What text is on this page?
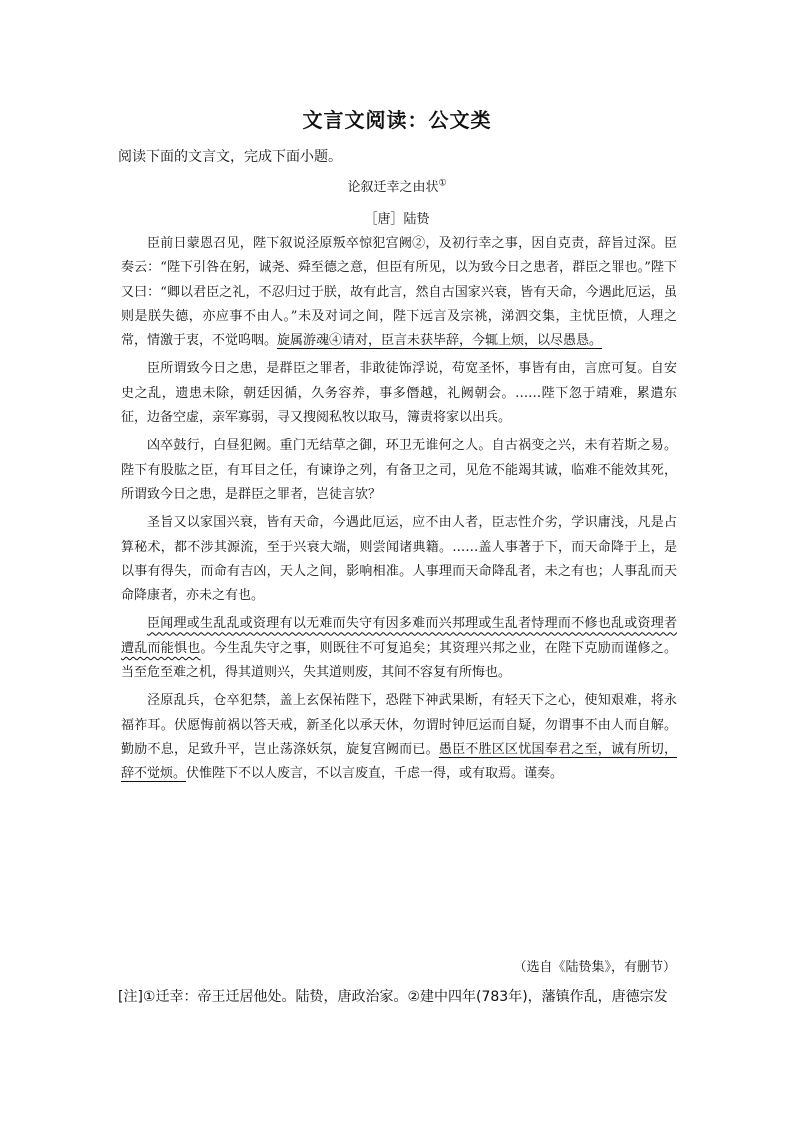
文言文阅读：公文类
阅读下面的文言文，完成下面小题。
论叙迁幸之由状①
［唐］陆贽

臣前日蒙恩召见，陛下叙说泾原叛卒惊犯宫阙②，及初行幸之事，因自克责，辞旨过深。臣奏云：“陛下引咎在躬，诚尧、舜至德之意，但臣有所见，以为致今日之患者，群臣之罪也。”陛下又曰：“卿以君臣之礼，不忍归过于朕，故有此言，然自古国家兴衰，皆有天命，今遇此厄运，虽则是朕失德，亦应事不由人。”未及对词之间，陛下远言及宗祧，涕泗交集，主忧臣愤，人理之常，情激于衷，不觉呜咽。旋属游魂④请对，臣言未获毕辞，今辄上烦，以尽愚恳。

臣所谓致今日之患，是群臣之罪者，非敢徒饰浮说，苟宽圣怀，事皆有由，言庶可复。自安史之乱，遗患未除，朝廷因循，久务容养，事多僭越，礼阙朝会。……陛下忽于靖难，累遣东征，边备空虚，亲军寡弱，寻又搜阅私牧以取马，簿责将家以出兵。

凶卒鼓行，白昼犯阙。重门无结草之御，环卫无谁何之人。自古祸变之兴，未有若斯之易。陛下有股肱之臣，有耳目之任，有谏诤之列，有备卫之司，见危不能竭其诚，临难不能效其死，所谓致今日之患，是群臣之罪者，岂徒言欤？

圣旨又以家国兴衰，皆有天命，今遇此厄运，应不由人者，臣志性介劣，学识庸浅，凡是占算秘术，都不涉其源流，至于兴衰大端，则尝闻诸典籍。……盖人事著于下，而天命降于上，是以事有得失，而命有吉凶，天人之间，影响相准。人事理而天命降乱者，未之有也；人事乱而天命降康者，亦未之有也。

臣闻理或生乱乱或资理有以无难而失守有因多难而兴邦理或生乱者恃理而不修也乱或资理者遭乱而能惧也。今生乱失守之事，则既往不可复追矣；其资理兴邦之业，在陛下克励而谨修之。当至危至难之机，得其道则兴，失其道则废，其间不容复有所悔也。

泾原乱兵，仓卒犯禁，盖上玄保祐陛下，恐陛下神武果断，有轻天下之心，使知艰难，将永福祚耳。伏愿悔前祸以答天戒，新圣化以承天休，勿谓时钟厄运而自疑，勿谓事不由人而自解。勤励不息，足致升平，岂止荡涤妖氛，旋复宫阙而已。愚臣不胜区区忧国奉君之至，诚有所切，辞不觉烦。伏惟陛下不以人废言，不以言废直，千虑一得，或有取焉。谨奏。

（选自《陆贽集》，有删节）
[注]①迁幸：帝王迁居他处。陆贽，唐政治家。②建中四年(783年)，藩镇作乱，唐德宗发
